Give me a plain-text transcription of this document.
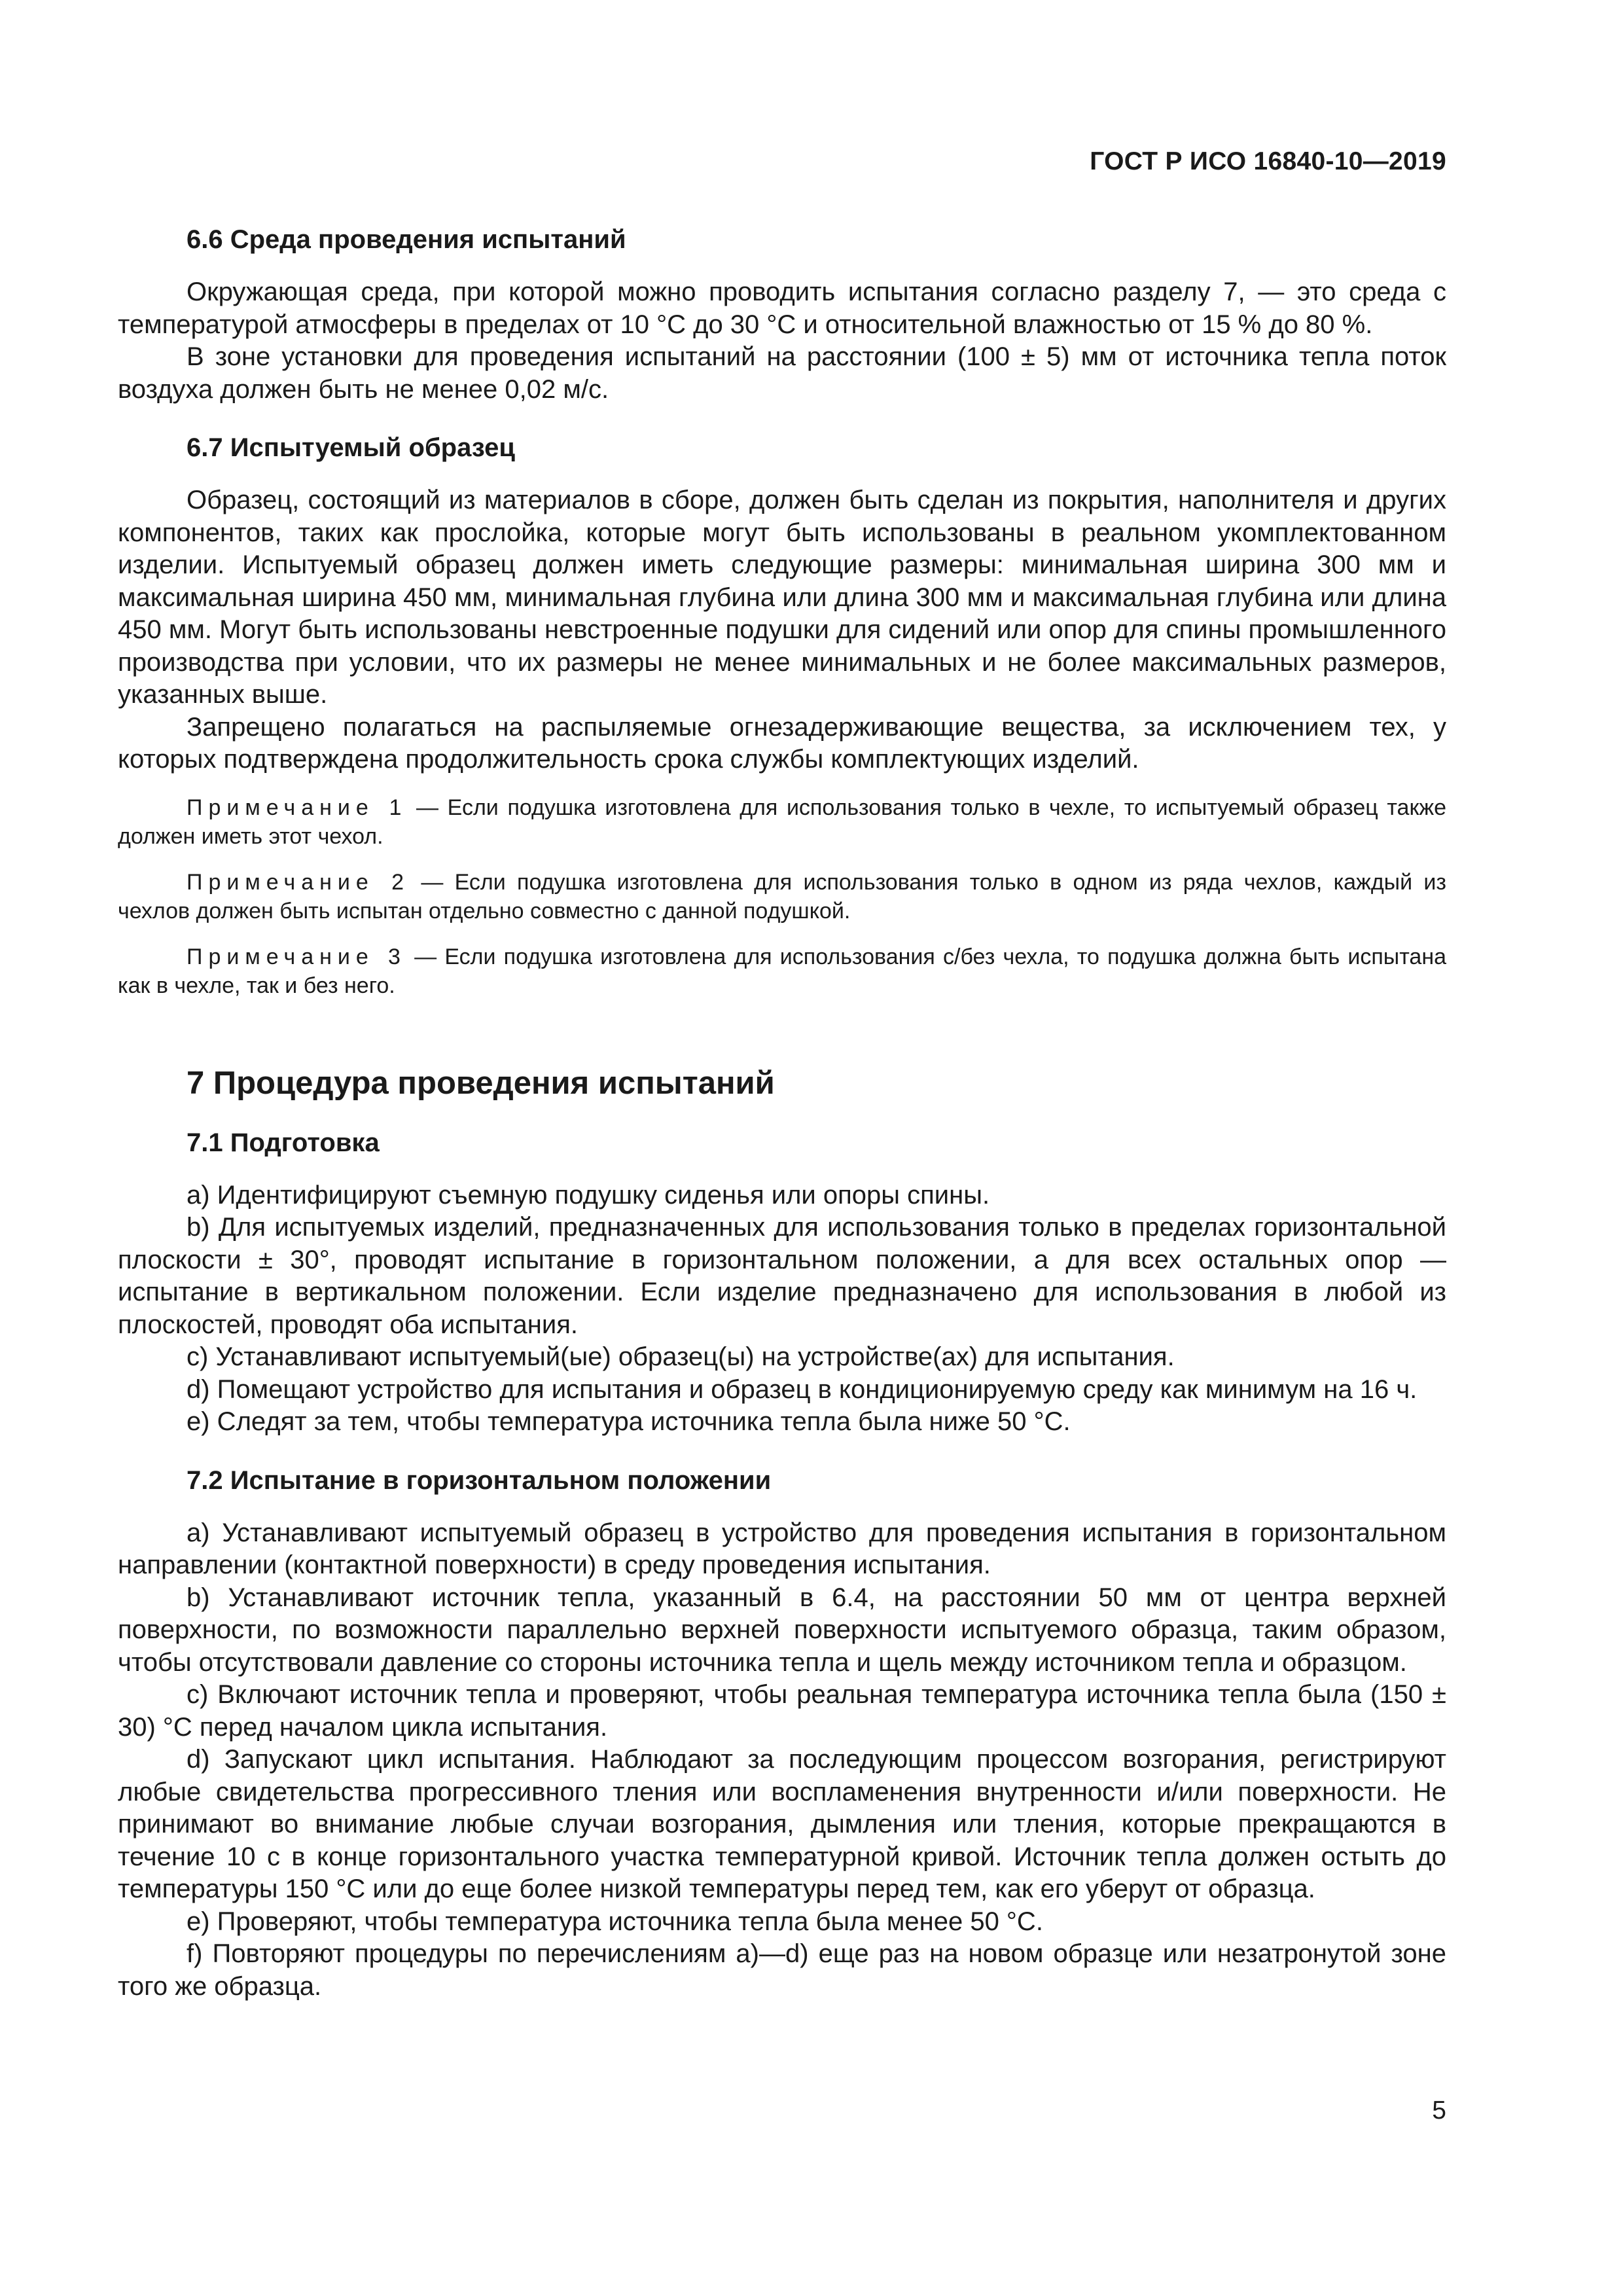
ГОСТ Р ИСО 16840-10—2019

6.6 Среда проведения испытаний

Окружающая среда, при которой можно проводить испытания согласно разделу 7, — это среда с температурой атмосферы в пределах от 10 °С до 30 °С и относительной влажностью от 15 % до 80 %.

В зоне установки для проведения испытаний на расстоянии (100 ± 5) мм от источника тепла поток воздуха должен быть не менее 0,02 м/с.

6.7 Испытуемый образец

Образец, состоящий из материалов в сборе, должен быть сделан из покрытия, наполнителя и других компонентов, таких как прослойка, которые могут быть использованы в реальном укомплектованном изделии. Испытуемый образец должен иметь следующие размеры: минимальная ширина 300 мм и максимальная ширина 450 мм, минимальная глубина или длина 300 мм и максимальная глубина или длина 450 мм. Могут быть использованы невстроенные подушки для сидений или опор для спины промышленного производства при условии, что их размеры не менее минимальных и не более максимальных размеров, указанных выше.

Запрещено полагаться на распыляемые огнезадерживающие вещества, за исключением тех, у которых подтверждена продолжительность срока службы комплектующих изделий.

Примечание 1 — Если подушка изготовлена для использования только в чехле, то испытуемый образец также должен иметь этот чехол.

Примечание 2 — Если подушка изготовлена для использования только в одном из ряда чехлов, каждый из чехлов должен быть испытан отдельно совместно с данной подушкой.

Примечание 3 — Если подушка изготовлена для использования с/без чехла, то подушка должна быть испытана как в чехле, так и без него.

7 Процедура проведения испытаний
7.1 Подготовка

a) Идентифицируют съемную подушку сиденья или опоры спины.

b) Для испытуемых изделий, предназначенных для использования только в пределах горизонтальной плоскости ± 30°, проводят испытание в горизонтальном положении, а для всех остальных опор — испытание в вертикальном положении. Если изделие предназначено для использования в любой из плоскостей, проводят оба испытания.

c) Устанавливают испытуемый(ые) образец(ы) на устройстве(ах) для испытания.

d) Помещают устройство для испытания и образец в кондиционируемую среду как минимум на 16 ч.

e) Следят за тем, чтобы температура источника тепла была ниже 50 °С.

7.2 Испытание в горизонтальном положении

a) Устанавливают испытуемый образец в устройство для проведения испытания в горизонтальном направлении (контактной поверхности) в среду проведения испытания.

b) Устанавливают источник тепла, указанный в 6.4, на расстоянии 50 мм от центра верхней поверхности, по возможности параллельно верхней поверхности испытуемого образца, таким образом, чтобы отсутствовали давление со стороны источника тепла и щель между источником тепла и образцом.

c) Включают источник тепла и проверяют, чтобы реальная температура источника тепла была (150 ± 30) °С перед началом цикла испытания.

d) Запускают цикл испытания. Наблюдают за последующим процессом возгорания, регистрируют любые свидетельства прогрессивного тления или воспламенения внутренности и/или поверхности. Не принимают во внимание любые случаи возгорания, дымления или тления, которые прекращаются в течение 10 с в конце горизонтального участка температурной кривой. Источник тепла должен остыть до температуры 150 °С или до еще более низкой температуры перед тем, как его уберут от образца.

e) Проверяют, чтобы температура источника тепла была менее 50 °С.

f) Повторяют процедуры по перечислениям a)—d) еще раз на новом образце или незатронутой зоне того же образца.

5
